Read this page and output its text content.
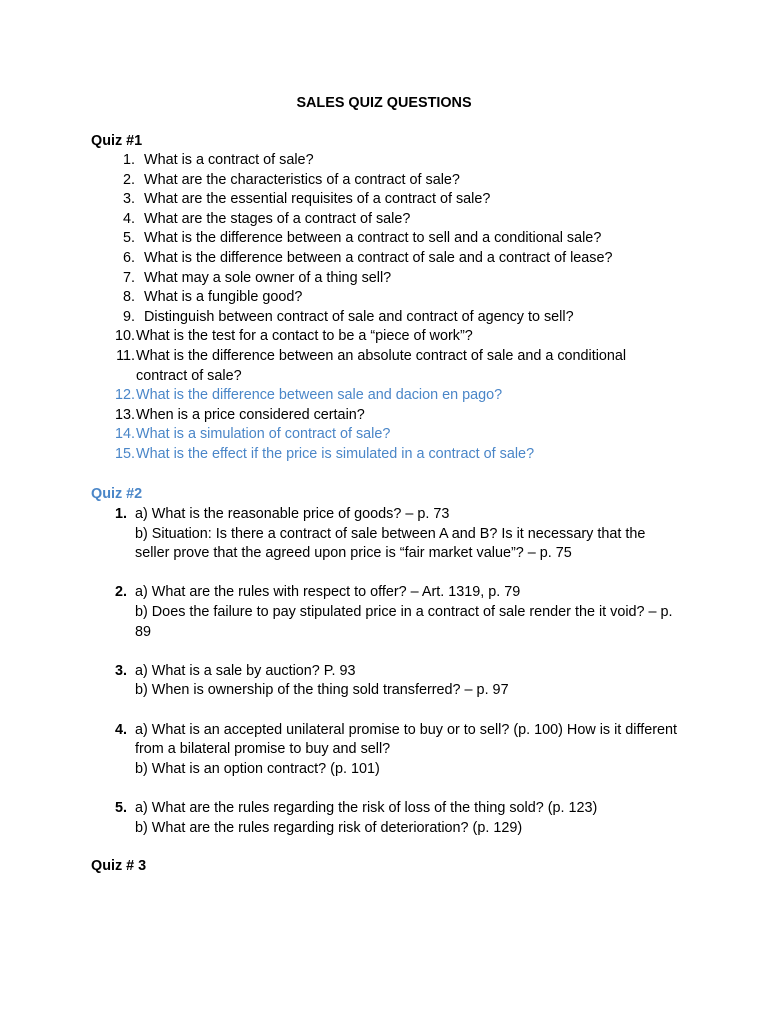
SALES QUIZ QUESTIONS
Quiz #1
1. What is a contract of sale?
2. What are the characteristics of a contract of sale?
3. What are the essential requisites of a contract of sale?
4. What are the stages of a contract of sale?
5. What is the difference between a contract to sell and a conditional sale?
6. What is the difference between a contract of sale and a contract of lease?
7. What may a sole owner of a thing sell?
8. What is a fungible good?
9. Distinguish between contract of sale and contract of agency to sell?
10. What is the test for a contact to be a “piece of work”?
11. What is the difference between an absolute contract of sale and a conditional contract of sale?
12. What is the difference between sale and dacion en pago?
13. When is a price considered certain?
14. What is a simulation of contract of sale?
15. What is the effect if the price is simulated in a contract of sale?
Quiz #2
1. a) What is the reasonable price of goods? – p. 73
b) Situation: Is there a contract of sale between A and B? Is it necessary that the seller prove that the agreed upon price is “fair market value”? – p. 75
2. a) What are the rules with respect to offer? – Art. 1319, p. 79
b) Does the failure to pay stipulated price in a contract of sale render the it void? – p. 89
3. a) What is a sale by auction? P. 93
b) When is ownership of the thing sold transferred? – p. 97
4. a) What is an accepted unilateral promise to buy or to sell? (p. 100) How is it different from a bilateral promise to buy and sell?
b) What is an option contract? (p. 101)
5. a) What are the rules regarding the risk of loss of the thing sold? (p. 123)
b) What are the rules regarding risk of deterioration? (p. 129)
Quiz # 3
